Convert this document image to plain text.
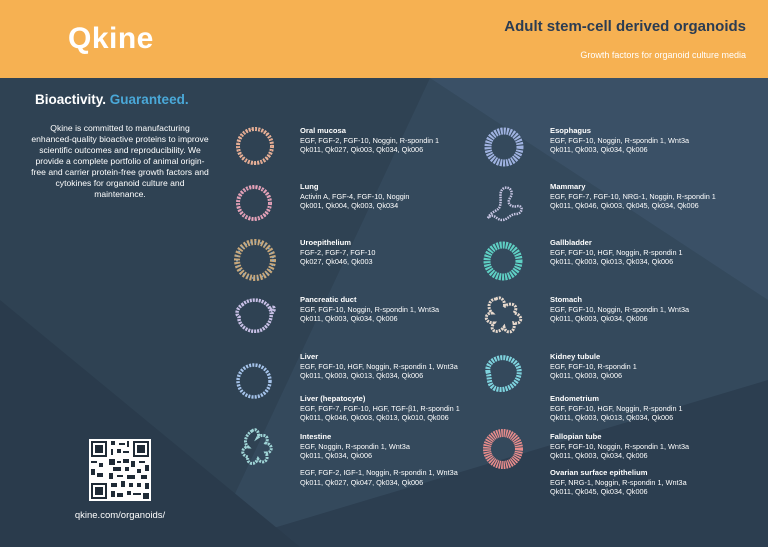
Qkine	Adult stem-cell derived organoids
Growth factors for organoid culture media
Bioactivity. Guaranteed.
Qkine is committed to manufacturing enhanced-quality bioactive proteins to improve scientific outcomes and reproducibility. We provide a complete portfolio of animal origin-free and carrier protein-free growth factors and cytokines for organoid culture and maintenance.
qkine.com/organoids/
Oral mucosa
EGF, FGF-2, FGF-10, Noggin, R-spondin 1
Qk011, Qk027, Qk003, Qk034, Qk006
Lung
Activin A, FGF-4, FGF-10, Noggin
Qk001, Qk004, Qk003, Qk034
Uroepithelium
FGF-2, FGF-7, FGF-10
Qk027, Qk046, Qk003
Pancreatic duct
EGF, FGF-10, Noggin, R-spondin 1, Wnt3a
Qk011, Qk003, Qk034, Qk006
Liver
EGF, FGF-10, HGF, Noggin, R-spondin 1, Wnt3a
Qk011, Qk003, Qk013, Qk034, Qk006
Liver (hepatocyte)
EGF, FGF-7, FGF-10, HGF, TGF-β1, R-spondin 1
Qk011, Qk046, Qk003, Qk013, Qk010, Qk006
Intestine
EGF, Noggin, R-spondin 1, Wnt3a
Qk011, Qk034, Qk006
EGF, FGF-2, IGF-1, Noggin, R-spondin 1, Wnt3a
Qk011, Qk027, Qk047, Qk034, Qk006
Esophagus
EGF, FGF-10, Noggin, R-spondin 1, Wnt3a
Qk011, Qk003, Qk034, Qk006
Mammary
EGF, FGF-7, FGF-10, NRG-1, Noggin, R-spondin 1
Qk011, Qk046, Qk003, Qk045, Qk034, Qk006
Gallbladder
EGF, FGF-10, HGF, Noggin, R-spondin 1
Qk011, Qk003, Qk013, Qk034, Qk006
Stomach
EGF, FGF-10, Noggin, R-spondin 1, Wnt3a
Qk011, Qk003, Qk034, Qk006
Kidney tubule
EGF, FGF-10, R-spondin 1
Qk011, Qk003, Qk006
Endometrium
EGF, FGF-10, HGF, Noggin, R-spondin 1
Qk011, Qk003, Qk013, Qk034, Qk006
Fallopian tube
EGF, FGF-10, Noggin, R-spondin 1, Wnt3a
Qk011, Qk003, Qk034, Qk006
Ovarian surface epithelium
EGF, NRG-1, Noggin, R-spondin 1, Wnt3a
Qk011, Qk045, Qk034, Qk006
